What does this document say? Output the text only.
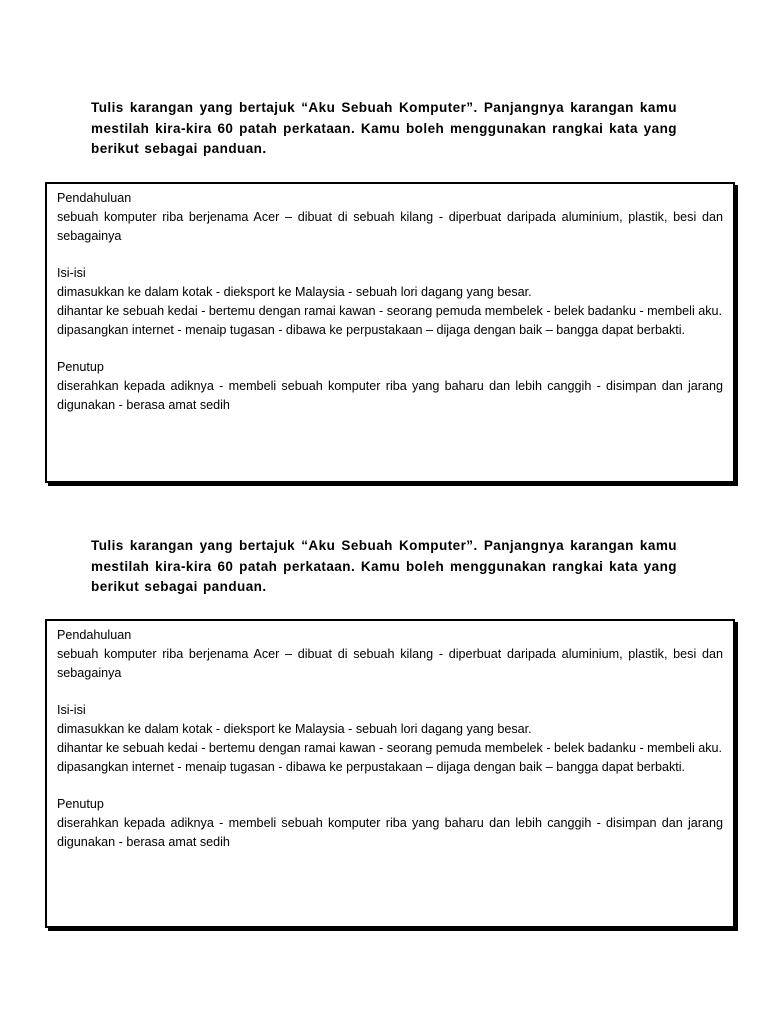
Tulis karangan yang bertajuk “Aku Sebuah Komputer”. Panjangnya karangan kamu mestilah kira-kira 60 patah perkataan. Kamu boleh menggunakan rangkai kata yang berikut sebagai panduan.

Pendahuluan

sebuah komputer riba berjenama Acer – dibuat di sebuah kilang - diperbuat daripada aluminium, plastik, besi dan sebagainya

Isi-isi

dimasukkan ke dalam kotak - dieksport ke Malaysia - sebuah lori dagang yang besar.

dihantar ke sebuah kedai - bertemu dengan ramai kawan - seorang pemuda membelek - belek badanku - membeli aku.

dipasangkan internet - menaip tugasan - dibawa ke perpustakaan – dijaga dengan baik – bangga dapat berbakti.

Penutup

diserahkan kepada adiknya - membeli sebuah komputer riba yang baharu dan lebih canggih - disimpan dan jarang digunakan - berasa amat sedih

Tulis karangan yang bertajuk “Aku Sebuah Komputer”. Panjangnya karangan kamu mestilah kira-kira 60 patah perkataan. Kamu boleh menggunakan rangkai kata yang berikut sebagai panduan.

Pendahuluan

sebuah komputer riba berjenama Acer – dibuat di sebuah kilang - diperbuat daripada aluminium, plastik, besi dan sebagainya

Isi-isi

dimasukkan ke dalam kotak - dieksport ke Malaysia - sebuah lori dagang yang besar.

dihantar ke sebuah kedai - bertemu dengan ramai kawan - seorang pemuda membelek - belek badanku - membeli aku.

dipasangkan internet - menaip tugasan - dibawa ke perpustakaan – dijaga dengan baik – bangga dapat berbakti.

Penutup

diserahkan kepada adiknya - membeli sebuah komputer riba yang baharu dan lebih canggih - disimpan dan jarang digunakan - berasa amat sedih
